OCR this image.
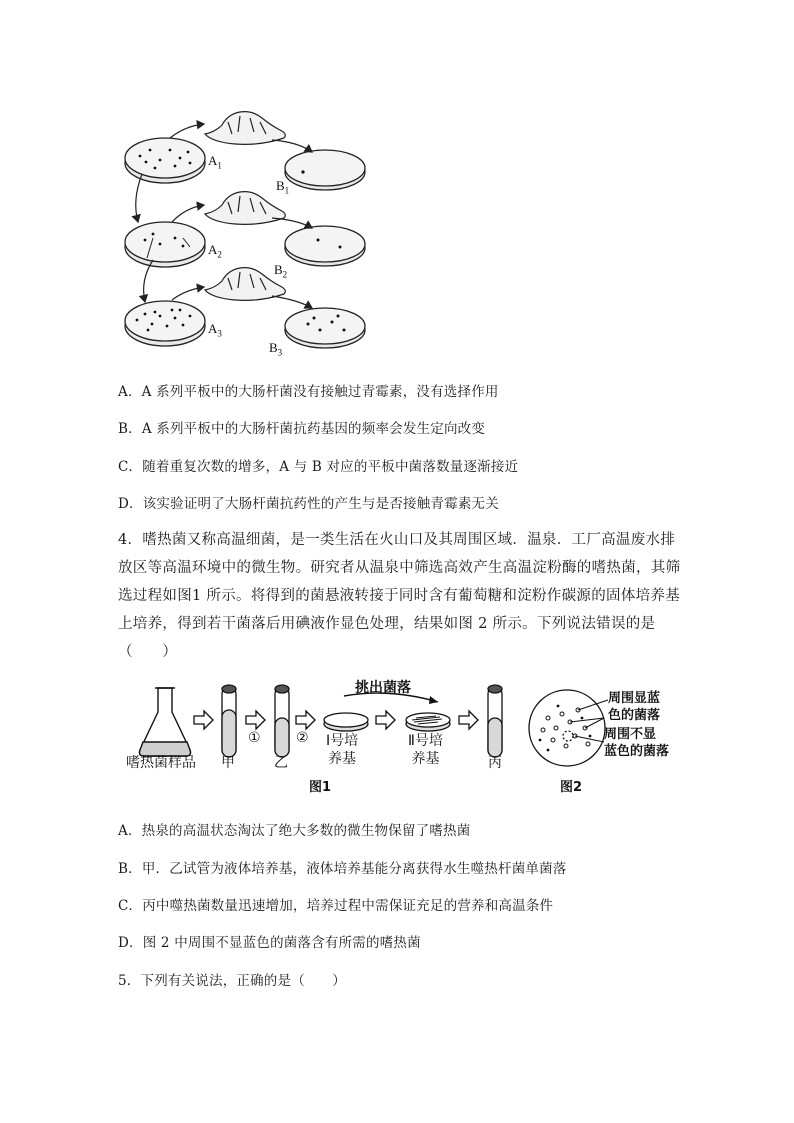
$A_1$
$B_1$
$A_2$
$B_2$
$A_3$
$B_3$
A．A 系列平板中的大肠杆菌没有接触过青霉素，没有选择作用
B．A 系列平板中的大肠杆菌抗药基因的频率会发生定向改变
C．随着重复次数的增多，A 与 B 对应的平板中菌落数量逐渐接近
D．该实验证明了大肠杆菌抗药性的产生与是否接触青霉素无关
4．嗜热菌又称高温细菌，是一类生活在火山口及其周围区域．温泉．工厂高温废水排放区等高温环境中的微生物。研究者从温泉中筛选高效产生高温淀粉酶的嗜热菌，其筛选过程如图1 所示。将得到的菌悬液转接于同时含有葡萄糖和淀粉作碳源的固体培养基上培养，得到若干菌落后用碘液作显色处理，结果如图 2 所示。下列说法错误的是（　　）
挑出菌落
嗜热菌样品 甲
①
乙
② Ⅰ号培
养基
Ⅱ号培
养基	丙
周围显蓝
色的菌落
周围不显
蓝色的菌落
图1	图2
A．热泉的高温状态淘汰了绝大多数的微生物保留了嗜热菌
B．甲．乙试管为液体培养基，液体培养基能分离获得水生噬热杆菌单菌落
C．丙中噬热菌数量迅速增加，培养过程中需保证充足的营养和高温条件
D．图 2 中周围不显蓝色的菌落含有所需的嗜热菌
5．下列有关说法，正确的是（　　）
